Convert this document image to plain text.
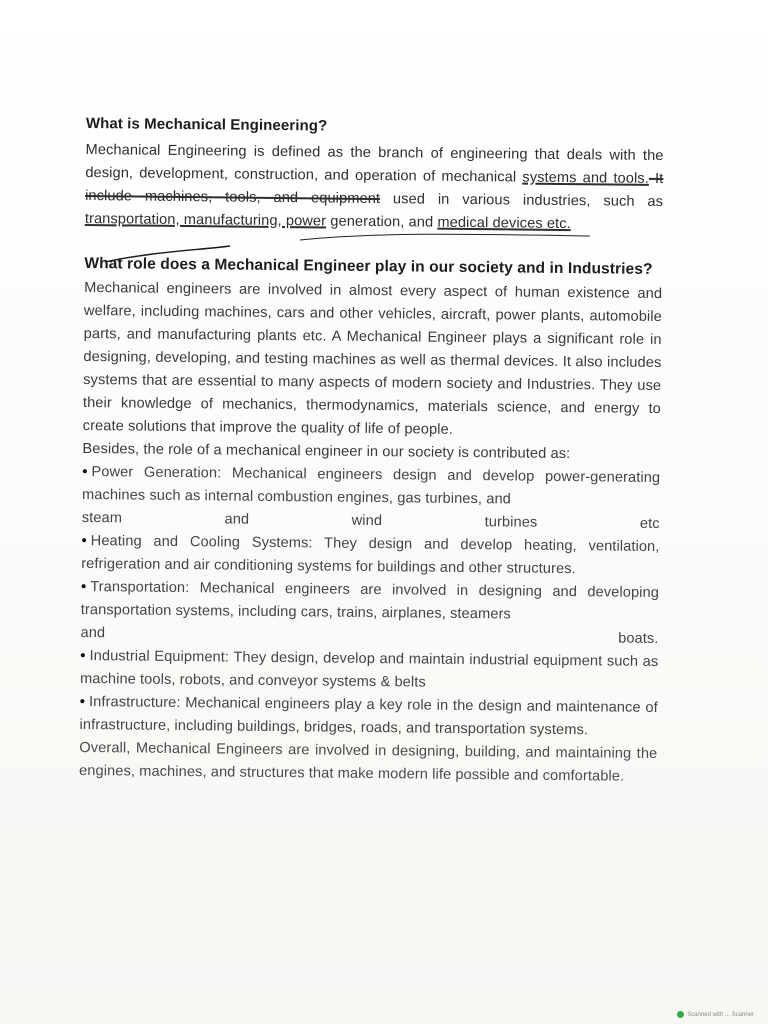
What is Mechanical Engineering?

Mechanical Engineering is defined as the branch of engineering that deals with the design, development, construction, and operation of mechanical systems and tools. It include machines, tools, and equipment used in various industries, such as transportation, manufacturing, power generation, and medical devices etc.

What role does a Mechanical Engineer play in our society and in Industries?

Mechanical engineers are involved in almost every aspect of human existence and welfare, including machines, cars and other vehicles, aircraft, power plants, automobile parts, and manufacturing plants etc. A Mechanical Engineer plays a significant role in designing, developing, and testing machines as well as thermal devices. It also includes systems that are essential to many aspects of modern society and Industries. They use their knowledge of mechanics, thermodynamics, materials science, and energy to create solutions that improve the quality of life of people.

Besides, the role of a mechanical engineer in our society is contributed as:

• Power Generation: Mechanical engineers design and develop power-generating machines such as internal combustion engines, gas turbines, and
steam	and	wind	turbines	etc
• Heating and Cooling Systems: They design and develop heating, ventilation, refrigeration and air conditioning systems for buildings and other structures.
• Transportation: Mechanical engineers are involved in designing and developing transportation systems, including cars, trains, airplanes, steamers
and	boats.
• Industrial Equipment: They design, develop and maintain industrial equipment such as machine tools, robots, and conveyor systems & belts
• Infrastructure: Mechanical engineers play a key role in the design and maintenance of infrastructure, including buildings, bridges, roads, and transportation systems.

Overall, Mechanical Engineers are involved in designing, building, and maintaining the engines, machines, and structures that make modern life possible and comfortable.

Scanned with ... Scanner
